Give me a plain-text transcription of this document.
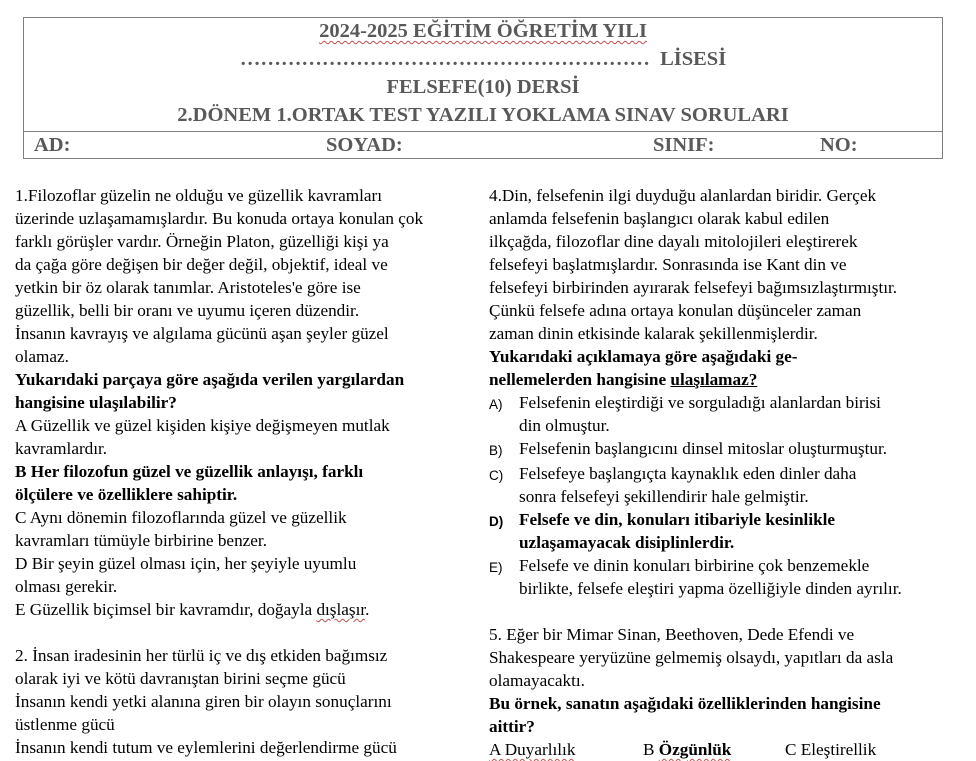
2024-2025 EĞİTİM ÖĞRETİM YILI
…………………………………………………… LİSESİ
FELSEFE(10) DERSİ
2.DÖNEM 1.ORTAK TEST YAZILI YOKLAMA SINAV SORULARI
AD:	SOYAD:	SINIF:	NO:

1.Filozoflar güzelin ne olduğu ve güzellik kavramları

üzerinde uzlaşamamışlardır. Bu konuda ortaya konulan çok

farklı görüşler vardır. Örneğin Platon, güzelliği kişi ya

da çağa göre değişen bir değer değil, objektif, ideal ve

yetkin bir öz olarak tanımlar. Aristoteles'e göre ise

güzellik, belli bir oranı ve uyumu içeren düzendir.

İnsanın kavrayış ve algılama gücünü aşan şeyler güzel

olamaz.

Yukarıdaki parçaya göre aşağıda verilen yargılardan

hangisine ulaşılabilir?

A Güzellik ve güzel kişiden kişiye değişmeyen mutlak

kavramlardır.

B Her filozofun güzel ve güzellik anlayışı, farklı

ölçülere ve özelliklere sahiptir.

C Aynı dönemin filozoflarında güzel ve güzellik

kavramları tümüyle birbirine benzer.

D Bir şeyin güzel olması için, her şeyiyle uyumlu

olması gerekir.

E Güzellik biçimsel bir kavramdır, doğayla dışlaşır.

2. İnsan iradesinin her türlü iç ve dış etkiden bağımsız

olarak iyi ve kötü davranıştan birini seçme gücü

İnsanın kendi yetki alanına giren bir olayın sonuçlarını

üstlenme gücü

İnsanın kendi tutum ve eylemlerini değerlendirme gücü

4.Din, felsefenin ilgi duyduğu alanlardan biridir. Gerçek

anlamda felsefenin başlangıcı olarak kabul edilen

ilkçağda, filozoflar dine dayalı mitolojileri eleştirerek

felsefeyi başlatmışlardır. Sonrasında ise Kant din ve

felsefeyi birbirinden ayırarak felsefeyi bağımsızlaştırmıştır.

Çünkü felsefe adına ortaya konulan düşünceler zaman

zaman dinin etkisinde kalarak şekillenmişlerdir.

Yukarıdaki açıklamaya göre aşağıdaki ge-

nellemelerden hangisine ulaşılamaz?

A) Felsefenin eleştirdiği ve sorguladığı alanlardan birisi

din olmuştur.

B) Felsefenin başlangıcını dinsel mitoslar oluşturmuştur.

C) Felsefeye başlangıçta kaynaklık eden dinler daha

sonra felsefeyi şekillendirir hale gelmiştir.

D) Felsefe ve din, konuları itibariyle kesinlikle

uzlaşamayacak disiplinlerdir.

E) Felsefe ve dinin konuları birbirine çok benzemekle

birlikte, felsefe eleştiri yapma özelliğiyle dinden ayrılır.

5. Eğer bir Mimar Sinan, Beethoven, Dede Efendi ve

Shakespeare yeryüzüne gelmemiş olsaydı, yapıtları da asla

olamayacaktı.

Bu örnek, sanatın aşağıdaki özelliklerinden hangisine

aittir?

A Duyarlılık	B Özgünlük	C Eleştirellik
